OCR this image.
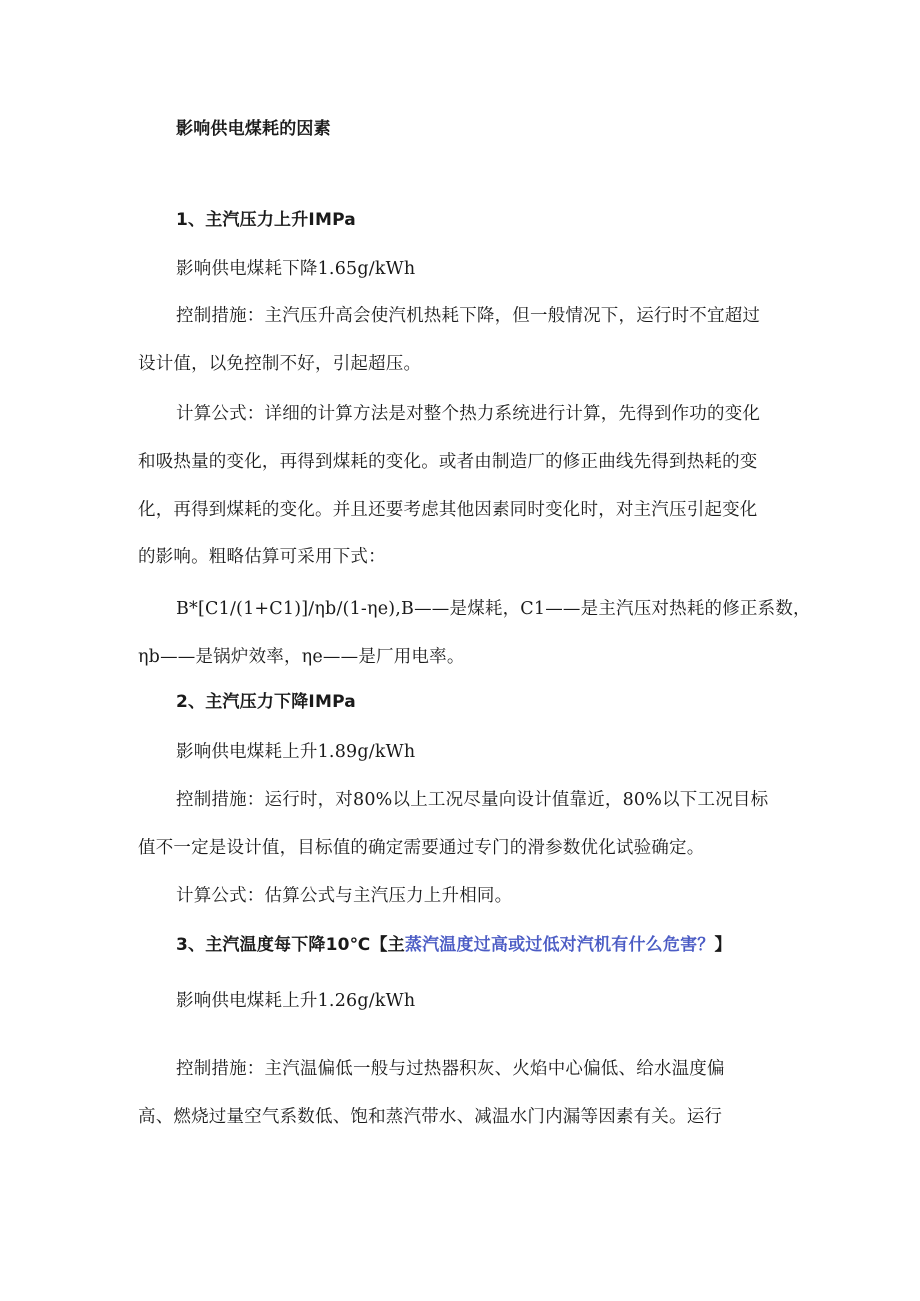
影响供电煤耗的因素
1、主汽压力上升IMPa
影响供电煤耗下降1.65g∕kWh
控制措施：主汽压升高会使汽机热耗下降，但一般情况下，运行时不宜超过
设计值，以免控制不好，引起超压。
计算公式：详细的计算方法是对整个热力系统进行计算，先得到作功的变化
和吸热量的变化，再得到煤耗的变化。或者由制造厂的修正曲线先得到热耗的变
化，再得到煤耗的变化。并且还要考虑其他因素同时变化时，对主汽压引起变化
的影响。粗略估算可采用下式：
B*[C1∕(1+C1)]∕ηb∕(1-ηe),B——是煤耗，C1——是主汽压对热耗的修正系数，
ηb——是锅炉效率，ηe——是厂用电率。
2、主汽压力下降IMPa
影响供电煤耗上升1.89g∕kWh
控制措施：运行时，对80%以上工况尽量向设计值靠近，80%以下工况目标
值不一定是设计值，目标值的确定需要通过专门的滑参数优化试验确定。
计算公式：估算公式与主汽压力上升相同。
3、主汽温度每下降10℃【主蒸汽温度过高或过低对汽机有什么危害？】
影响供电煤耗上升1.26g∕kWh
控制措施：主汽温偏低一般与过热器积灰、火焰中心偏低、给水温度偏
高、燃烧过量空气系数低、饱和蒸汽带水、减温水门内漏等因素有关。运行
